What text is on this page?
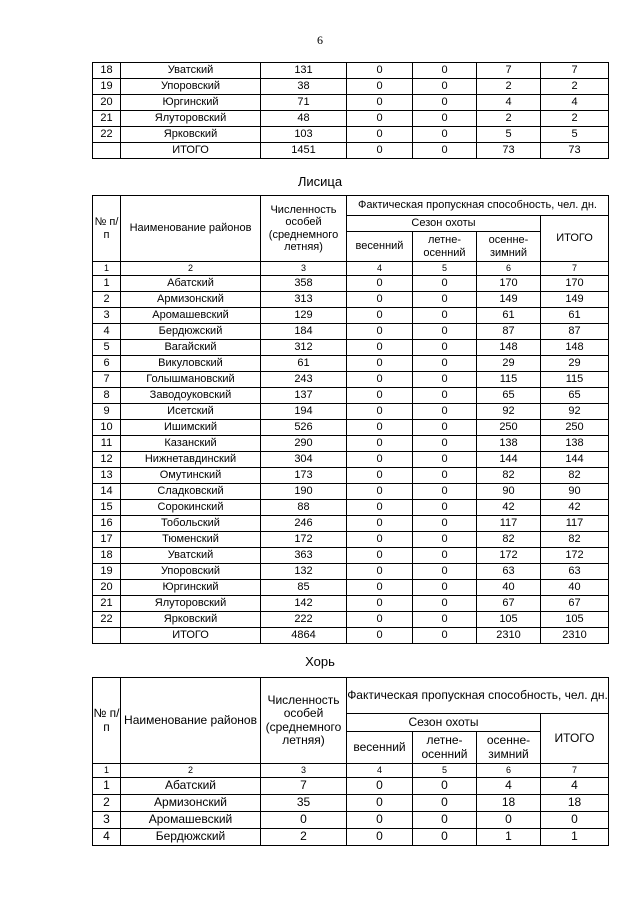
6
18	Уватский	131	0	0	7	7
19	Упоровский	38	0	0	2	2
20	Юргинский	71	0	0	4	4
21	Ялуторовский	48	0	0	2	2
22	Ярковский	103	0	0	5	5
	ИТОГО	1451	0	0	73	73
Лисица
№ п/п	Наименование районов	Численность особей (среднемного летняя)	Фактическая пропускная способность, чел. дн.			
			Сезон охоты			ИТОГО
			весенний	летне-осенний	осенне-зимний	
1	2	3	4	5	6	7
1	Абатский	358	0	0	170	170
2	Армизонский	313	0	0	149	149
3	Аромашевский	129	0	0	61	61
4	Бердюжский	184	0	0	87	87
5	Вагайский	312	0	0	148	148
6	Викуловский	61	0	0	29	29
7	Голышмановский	243	0	0	115	115
8	Заводоуковский	137	0	0	65	65
9	Исетский	194	0	0	92	92
10	Ишимский	526	0	0	250	250
11	Казанский	290	0	0	138	138
12	Нижнетавдинский	304	0	0	144	144
13	Омутинский	173	0	0	82	82
14	Сладковский	190	0	0	90	90
15	Сорокинский	88	0	0	42	42
16	Тобольский	246	0	0	117	117
17	Тюменский	172	0	0	82	82
18	Уватский	363	0	0	172	172
19	Упоровский	132	0	0	63	63
20	Юргинский	85	0	0	40	40
21	Ялуторовский	142	0	0	67	67
22	Ярковский	222	0	0	105	105
	ИТОГО	4864	0	0	2310	2310
Хорь
№ п/п	Наименование районов	Численность особей (среднемного летняя)	Фактическая пропускная способность, чел. дн.			
			Сезон охоты			ИТОГО
			весенний	летне-осенний	осенне-зимний	
1	2	3	4	5	6	7
1	Абатский	7	0	0	4	4
2	Армизонский	35	0	0	18	18
3	Аромашевский	0	0	0	0	0
4	Бердюжский	2	0	0	1	1
